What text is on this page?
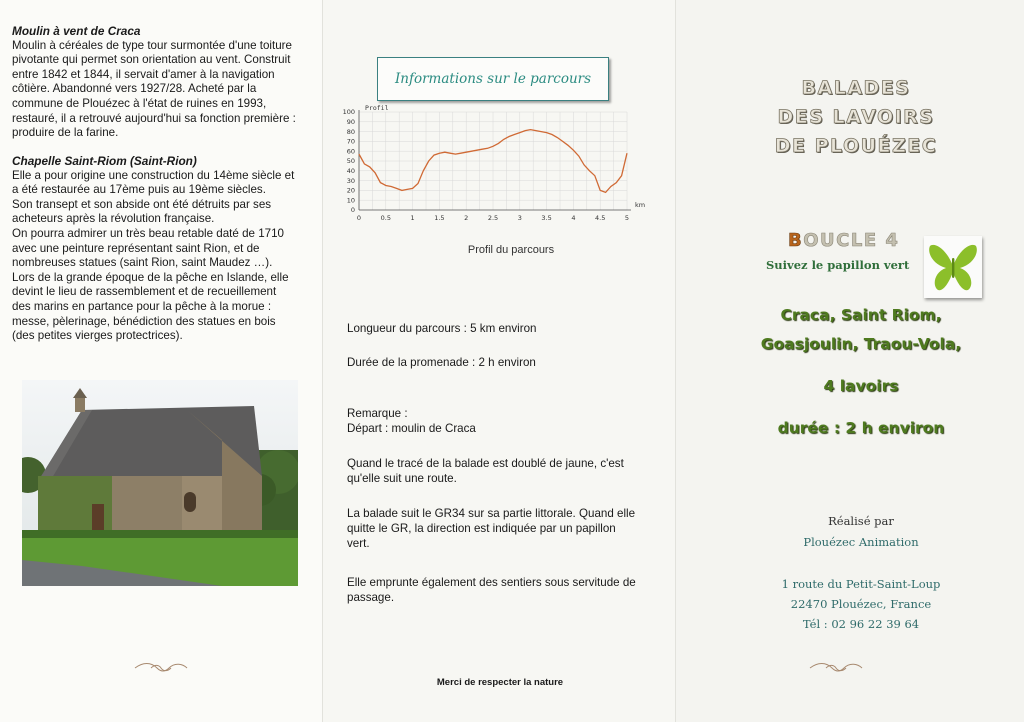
Moulin à vent de Craca
Moulin à céréales de type tour surmontée d'une toiture
pivotante qui permet son orientation au vent. Construit
entre 1842 et 1844, il servait d'amer à la navigation
côtière. Abandonné vers 1927/28. Acheté par la
commune de Plouézec à l'état de ruines en 1993,
restauré, il a retrouvé aujourd'hui sa fonction première :
produire de la farine.
Chapelle Saint-Riom (Saint-Rion)
Elle a pour origine une construction du 14ème siècle et
a été restaurée au 17ème puis au 19ème siècles.
Son transept et son abside ont été détruits par ses
acheteurs après la révolution française.
On pourra admirer un très beau retable daté de 1710
avec une peinture représentant saint Rion, et de
nombreuses statues (saint Rion, saint Maudez …).
Lors de la grande époque de la pêche en Islande, elle
devint le lieu de rassemblement et de recueillement
des marins en partance pour la pêche à la morue :
messe, pèlerinage, bénédiction des statues en bois
(des petites vierges protectrices).
Informations sur le parcours
0
10
20
30
40
50
60
70
80
90
100
0	0.5	1	1.5	2	2.5	3	3.5	4	4.5	5
Profil
km
Profil du parcours
Longueur du parcours : 5 km environ
Durée de la promenade : 2 h environ
Remarque :
Départ : moulin de Craca
Quand le tracé de la balade est doublé de jaune, c'est
qu'elle suit une route.
La balade suit le GR34 sur sa partie littorale. Quand elle
quitte le GR, la direction est indiquée par un papillon
vert.
Elle emprunte également des sentiers sous servitude de
passage.
Merci de respecter la nature
BALADES
DES LAVOIRS
DE PLOUÉZEC
BOUCLE 4
Suivez le papillon vert
Craca, Saint Riom,
Goasjoulin, Traou-Vola,
4 lavoirs
durée : 2 h environ
Réalisé par
Plouézec Animation
1 route du Petit-Saint-Loup
22470 Plouézec, France
Tél : 02 96 22 39 64
